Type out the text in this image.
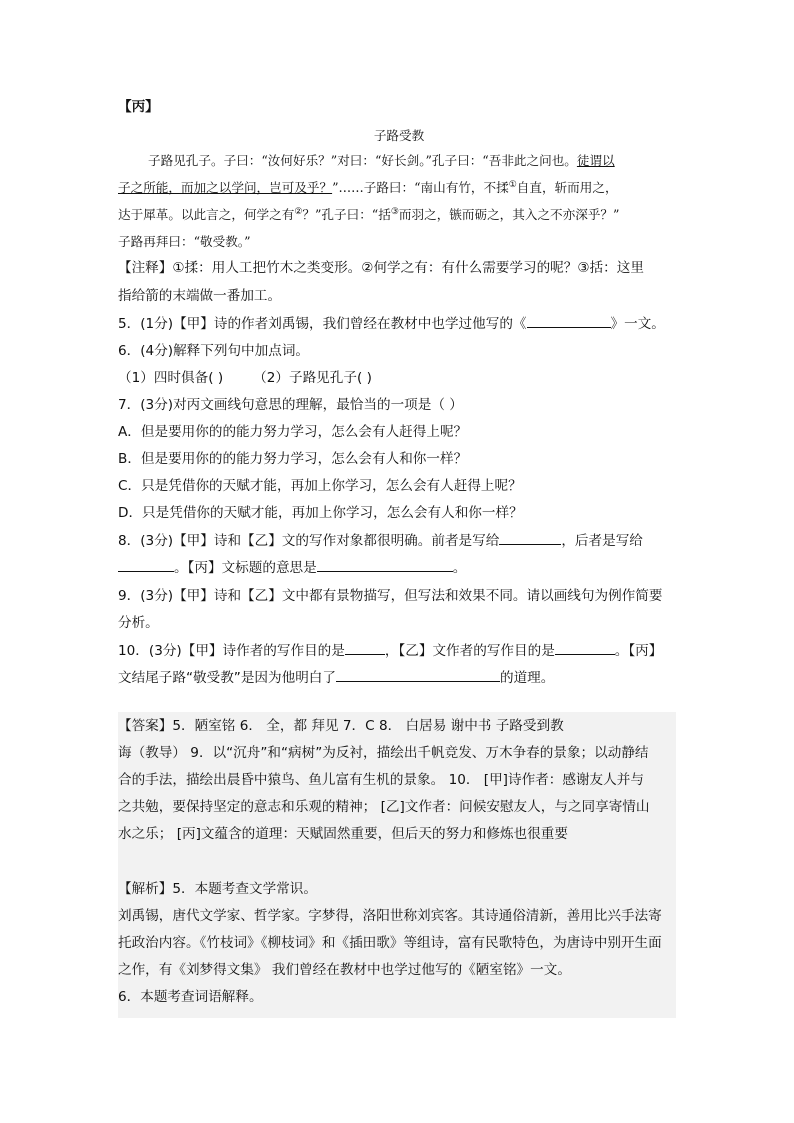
【丙】
子路受教
子路见孔子。子曰：“汝何好乐？”对曰：“好长剑。”孔子曰：“吾非此之问也。徒谓以
子之所能，而加之以学问，岂可及乎？”……子路曰：“南山有竹，不揉①自直，斩而用之，
达于犀革。以此言之，何学之有②？”孔子曰：“括③而羽之，镞而砺之，其入之不亦深乎？”
子路再拜曰：“敬受教。”
【注释】①揉：用人工把竹木之类变形。②何学之有：有什么需要学习的呢？③括：这里
指给箭的末端做一番加工。
5．(1分)【甲】诗的作者刘禹锡，我们曾经在教材中也学过他写的《	》一文。
6．(4分)解释下列句中加点词。
（1）四时俱备( ) （2）子路见孔子( )
7．(3分)对丙文画线句意思的理解，最恰当的一项是（ ）
A．但是要用你的的能力努力学习，怎么会有人赶得上呢？
B．但是要用你的的能力努力学习，怎么会有人和你一样？
C．只是凭借你的天赋才能，再加上你学习，怎么会有人赶得上呢？
D．只是凭借你的天赋才能，再加上你学习，怎么会有人和你一样？
8．(3分)【甲】诗和【乙】文的写作对象都很明确。前者是写给	，后者是写给
。【丙】文标题的意思是	。
9．(3分)【甲】诗和【乙】文中都有景物描写，但写法和效果不同。请以画线句为例作简要
分析。
10．(3分)【甲】诗作者的写作目的是	，【乙】文作者的写作目的是	。【丙】
文结尾子路“敬受教”是因为他明白了	的道理。
【答案】5．陋室铭 6． 全，都 拜见 7．C 8． 白居易 谢中书 子路受到教
诲（教导） 9．以“沉舟”和“病树”为反衬，描绘出千帆竞发、万木争春的景象；以动静结
合的手法，描绘出晨昏中猿鸟、鱼儿富有生机的景象。 10． [甲]诗作者：感谢友人并与
之共勉，要保持坚定的意志和乐观的精神； [乙]文作者：问候安慰友人，与之同享寄情山
水之乐； [丙]文蕴含的道理：天赋固然重要，但后天的努力和修炼也很重要
【解析】5．本题考查文学常识。
刘禹锡，唐代文学家、哲学家。字梦得，洛阳世称刘宾客。其诗通俗清新，善用比兴手法寄
托政治内容。《竹枝词》《柳枝词》和《插田歌》等组诗，富有民歌特色，为唐诗中别开生面
之作，有《刘梦得文集》 我们曾经在教材中也学过他写的《陋室铭》一文。
6．本题考查词语解释。
